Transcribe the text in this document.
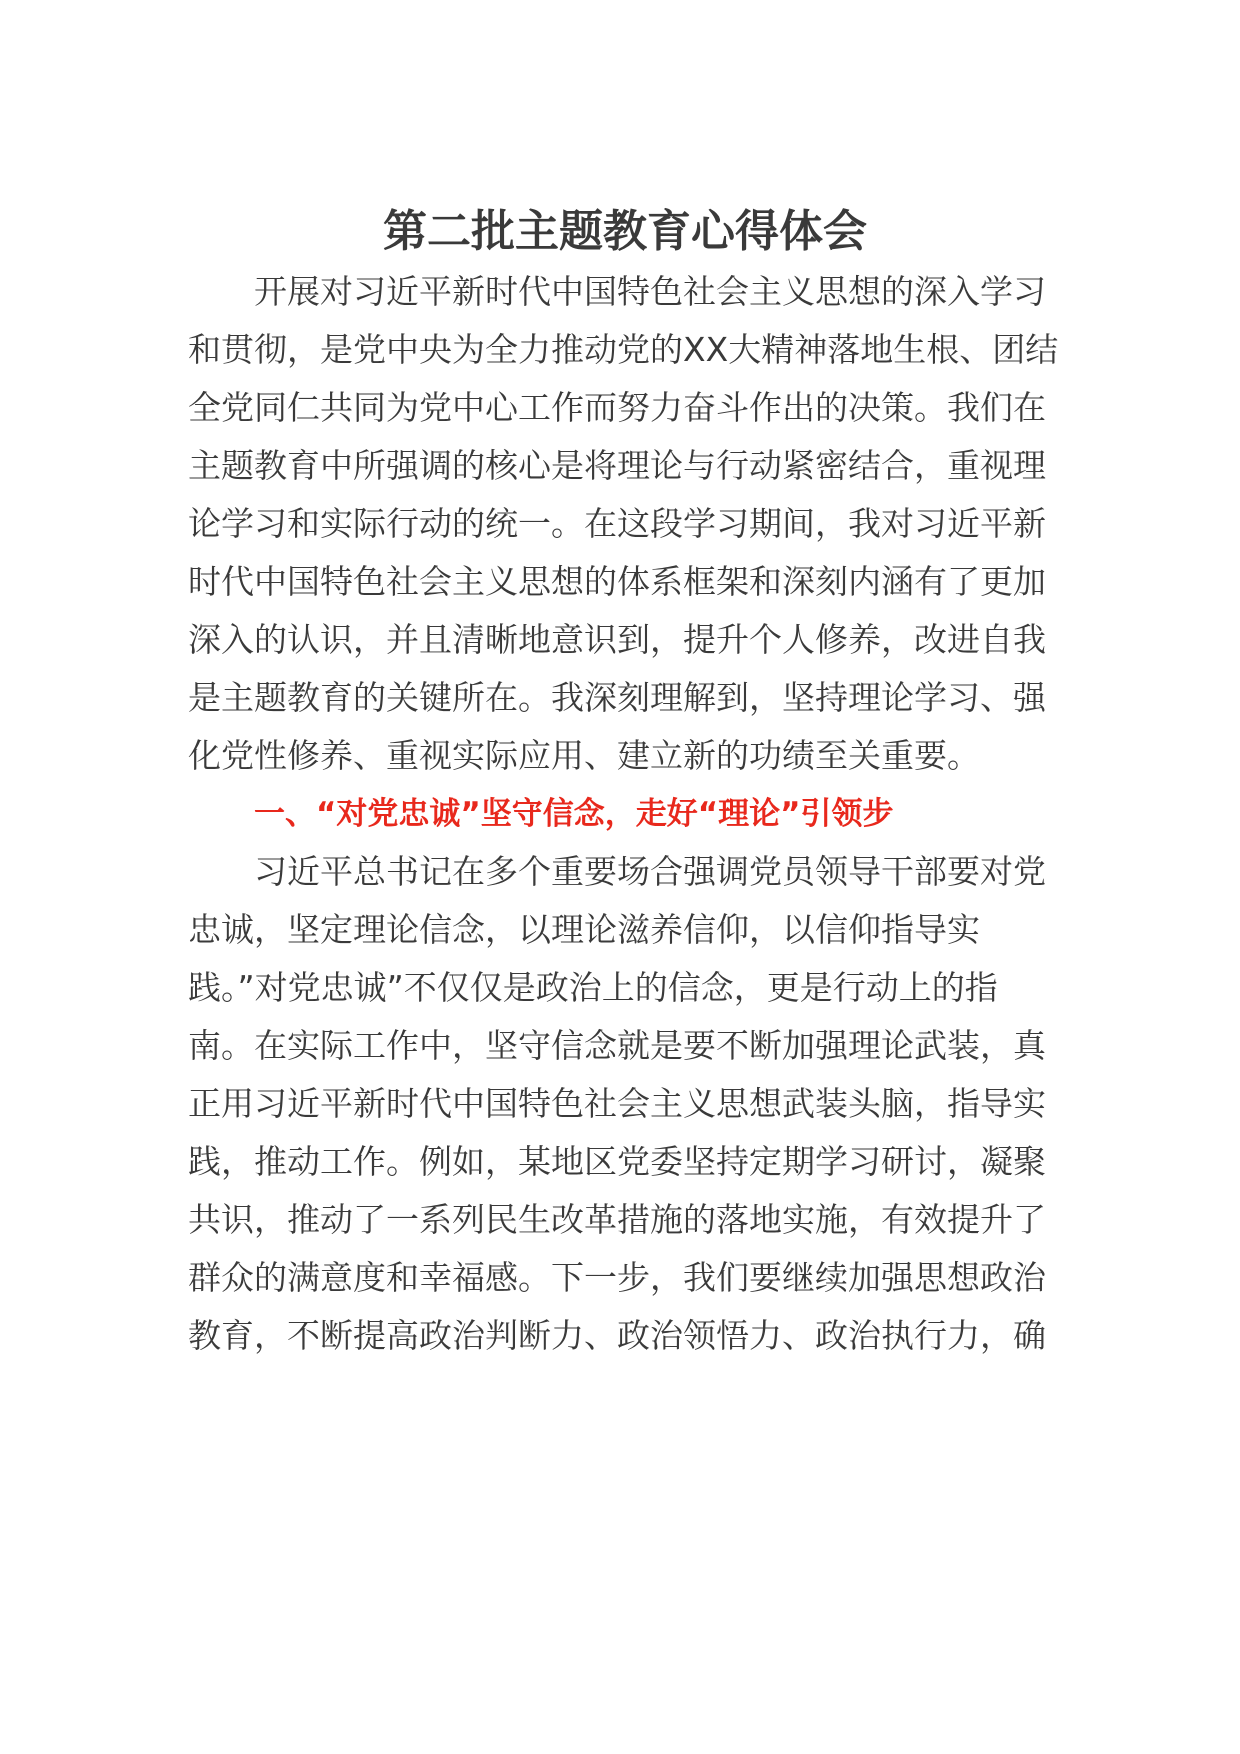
第二批主题教育心得体会
开展对习近平新时代中国特色社会主义思想的深入学习
和贯彻，是党中央为全力推动党的XX大精神落地生根、团结
全党同仁共同为党中心工作而努力奋斗作出的决策。我们在
主题教育中所强调的核心是将理论与行动紧密结合，重视理
论学习和实际行动的统一。在这段学习期间，我对习近平新
时代中国特色社会主义思想的体系框架和深刻内涵有了更加
深入的认识，并且清晰地意识到，提升个人修养，改进自我
是主题教育的关键所在。我深刻理解到，坚持理论学习、强
化党性修养、重视实际应用、建立新的功绩至关重要。
一、“对党忠诚”坚守信念，走好“理论”引领步
习近平总书记在多个重要场合强调党员领导干部要对党
忠诚，坚定理论信念，以理论滋养信仰，以信仰指导实
践。”对党忠诚”不仅仅是政治上的信念，更是行动上的指
南。在实际工作中，坚守信念就是要不断加强理论武装，真
正用习近平新时代中国特色社会主义思想武装头脑，指导实
践，推动工作。例如，某地区党委坚持定期学习研讨，凝聚
共识，推动了一系列民生改革措施的落地实施，有效提升了
群众的满意度和幸福感。下一步，我们要继续加强思想政治
教育，不断提高政治判断力、政治领悟力、政治执行力，确
